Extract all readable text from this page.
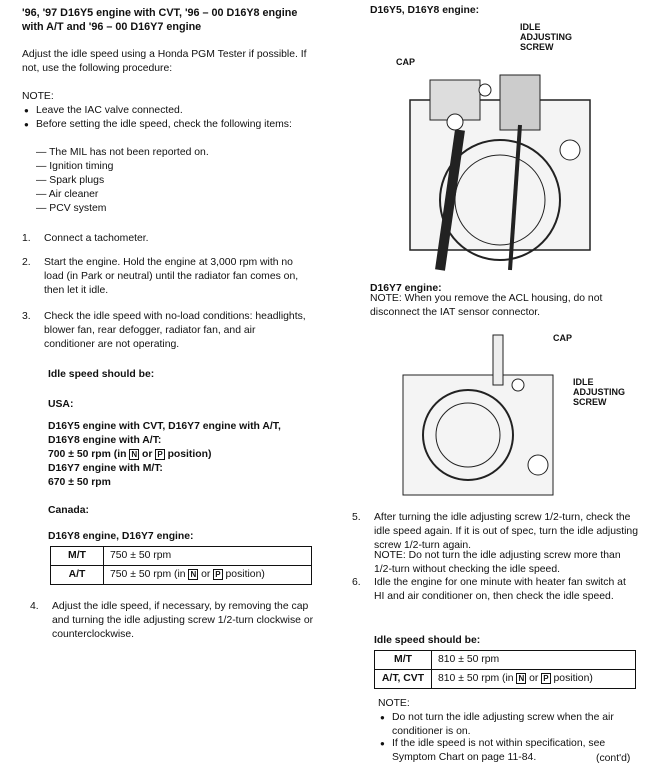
'96, '97 D16Y5 engine with CVT, '96 – 00 D16Y8 engine with A/T and '96 – 00 D16Y7 engine
Adjust the idle speed using a Honda PGM Tester if possible. If not, use the following procedure:
NOTE:
● Leave the IAC valve connected.
● Before setting the idle speed, check the following items:
— The MIL has not been reported on.
— Ignition timing
— Spark plugs
— Air cleaner
— PCV system
1. Connect a tachometer.
2. Start the engine. Hold the engine at 3,000 rpm with no load (in Park or neutral) until the radiator fan comes on, then let it idle.
3. Check the idle speed with no-load conditions: headlights, blower fan, rear defogger, radiator fan, and air conditioner are not operating.
Idle speed should be:
USA:
D16Y5 engine with CVT, D16Y7 engine with A/T,
D16Y8 engine with A/T:
700 ± 50 rpm (in N or P position)
D16Y7 engine with M/T:
670 ± 50 rpm
Canada:
D16Y8 engine, D16Y7 engine:
M/T	750 ± 50 rpm
A/T	750 ± 50 rpm (in N or P position)
4. Adjust the idle speed, if necessary, by removing the cap and turning the idle adjusting screw 1/2-turn clockwise or counterclockwise.
D16Y5, D16Y8 engine:
CAP
IDLE ADJUSTING SCREW
D16Y7 engine:
NOTE: When you remove the ACL housing, do not disconnect the IAT sensor connector.
CAP
IDLE ADJUSTING SCREW
5. After turning the idle adjusting screw 1/2-turn, check the idle speed again. If it is out of spec, turn the idle adjusting screw 1/2-turn again.
NOTE: Do not turn the idle adjusting screw more than 1/2-turn without checking the idle speed.
6. Idle the engine for one minute with heater fan switch at HI and air conditioner on, then check the idle speed.
Idle speed should be:
M/T	810 ± 50 rpm
A/T, CVT	810 ± 50 rpm (in N or P position)
NOTE:
● Do not turn the idle adjusting screw when the air conditioner is on.
● If the idle speed is not within specification, see Symptom Chart on page 11-84.	(cont'd)
